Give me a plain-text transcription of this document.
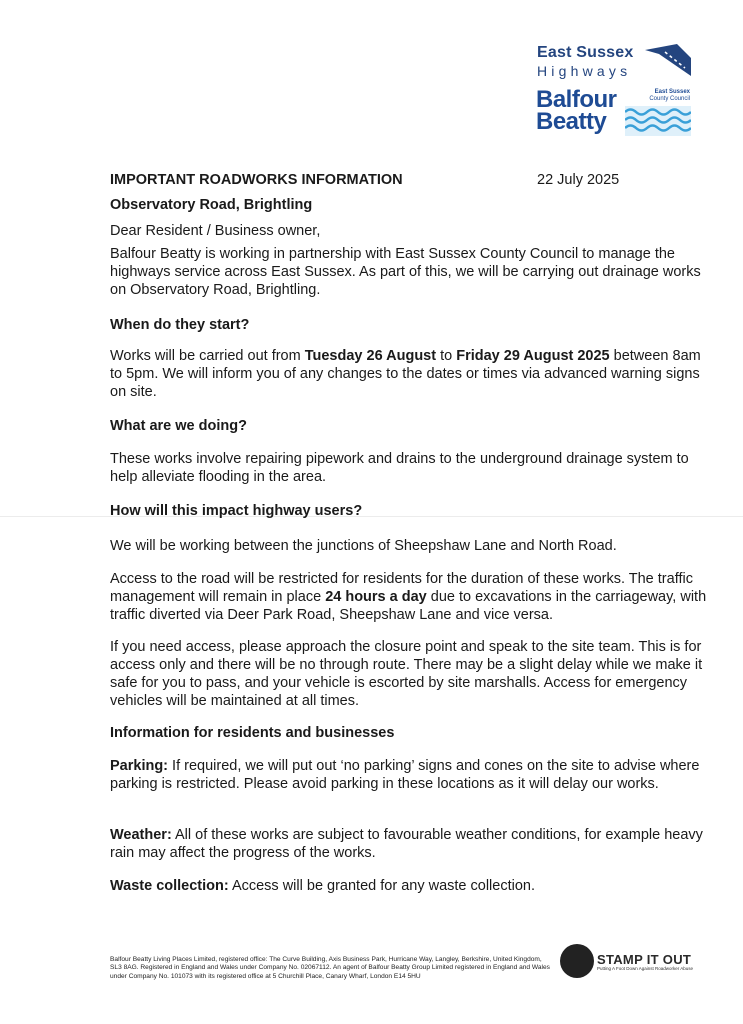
East Sussex
Highways
Balfour
Beatty
East Sussex
County Council
IMPORTANT ROADWORKS INFORMATION	22 July 2025
Observatory Road, Brightling

Dear Resident / Business owner,

Balfour Beatty is working in partnership with East Sussex County Council to manage the highways service across East Sussex. As part of this, we will be carrying out drainage works on Observatory Road, Brightling.

When do they start?

Works will be carried out from Tuesday 26 August to Friday 29 August 2025 between 8am to 5pm. We will inform you of any changes to the dates or times via advanced warning signs on site.

What are we doing?

These works involve repairing pipework and drains to the underground drainage system to help alleviate flooding in the area.

How will this impact highway users?

We will be working between the junctions of Sheepshaw Lane and North Road.

Access to the road will be restricted for residents for the duration of these works. The traffic management will remain in place 24 hours a day due to excavations in the carriageway, with traffic diverted via Deer Park Road, Sheepshaw Lane and vice versa.

If you need access, please approach the closure point and speak to the site team. This is for access only and there will be no through route. There may be a slight delay while we make it safe for you to pass, and your vehicle is escorted by site marshalls. Access for emergency vehicles will be maintained at all times.

Information for residents and businesses

Parking: If required, we will put out ‘no parking’ signs and cones on the site to advise where parking is restricted. Please avoid parking in these locations as it will delay our works.

Weather: All of these works are subject to favourable weather conditions, for example heavy rain may affect the progress of the works.

Waste collection: Access will be granted for any waste collection.

Balfour Beatty Living Places Limited, registered office: The Curve Building, Axis Business Park, Hurricane Way, Langley, Berkshire, United Kingdom, SL3 8AG. Registered in England and Wales under Company No. 02067112. An agent of Balfour Beatty Group Limited registered in England and Wales under Company No. 101073 with its registered office at 5 Churchill Place, Canary Wharf, London E14 5HU
STAMP IT OUT
Putting A Foot Down Against Roadworker Abuse
